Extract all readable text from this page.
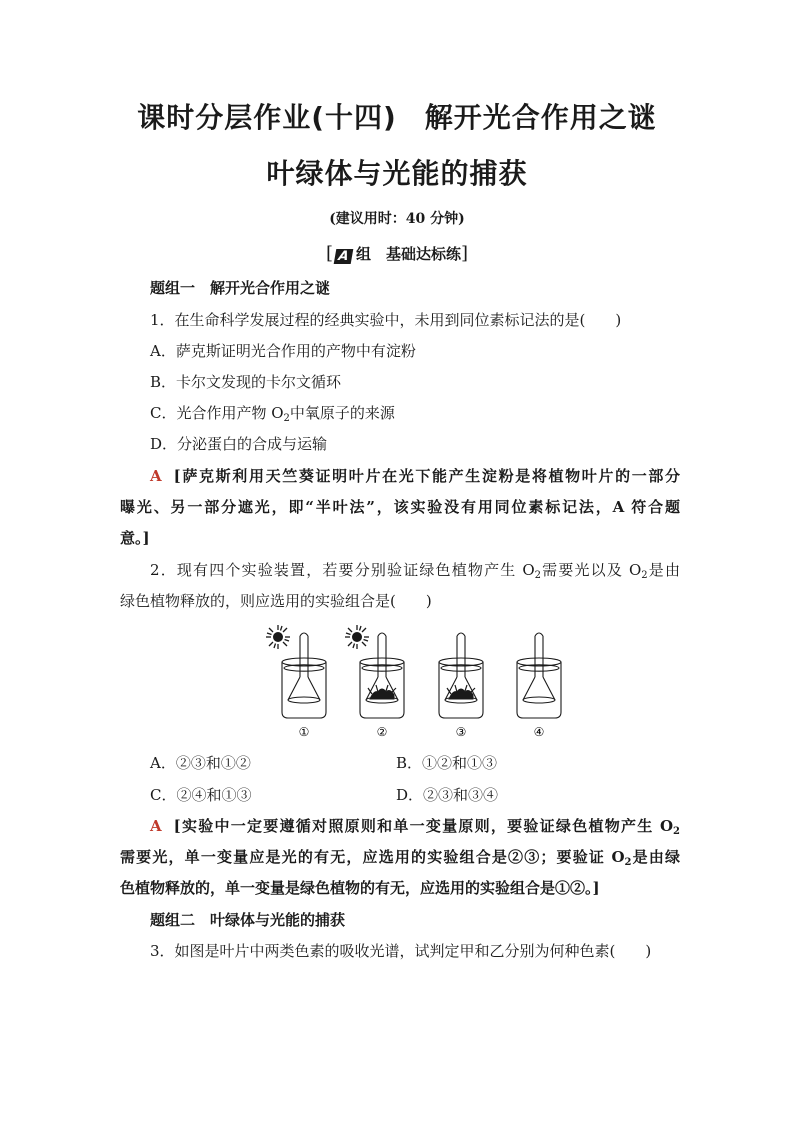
课时分层作业(十四) 解开光合作用之谜
叶绿体与光能的捕获
(建议用时：40 分钟)
[ A 组　基础达标练]
题组一　解开光合作用之谜
1．在生命科学发展过程的经典实验中，未用到同位素标记法的是(　　)
A．萨克斯证明光合作用的产物中有淀粉
B．卡尔文发现的卡尔文循环
C．光合作用产物 $O_2$中氧原子的来源
D．分泌蛋白的合成与运输
A [萨克斯利用天竺葵证明叶片在光下能产生淀粉是将植物叶片的一部分
曝光、另一部分遮光，即“半叶法”，该实验没有用同位素标记法，A 符合题
意。]
2．现有四个实验装置，若要分别验证绿色植物产生 $O_2$需要光以及 $O_2$是由
绿色植物释放的，则应选用的实验组合是(　　)
①	②	③	④
A．②③和①②	B．①②和①③
C．②④和①③	D．②③和③④
A [实验中一定要遵循对照原则和单一变量原则，要验证绿色植物产生 $O_2$
需要光，单一变量应是光的有无，应选用的实验组合是②③；要验证 $O_2$是由绿
色植物释放的，单一变量是绿色植物的有无，应选用的实验组合是①②。]
题组二　叶绿体与光能的捕获
3．如图是叶片中两类色素的吸收光谱，试判定甲和乙分别为何种色素(　　)
